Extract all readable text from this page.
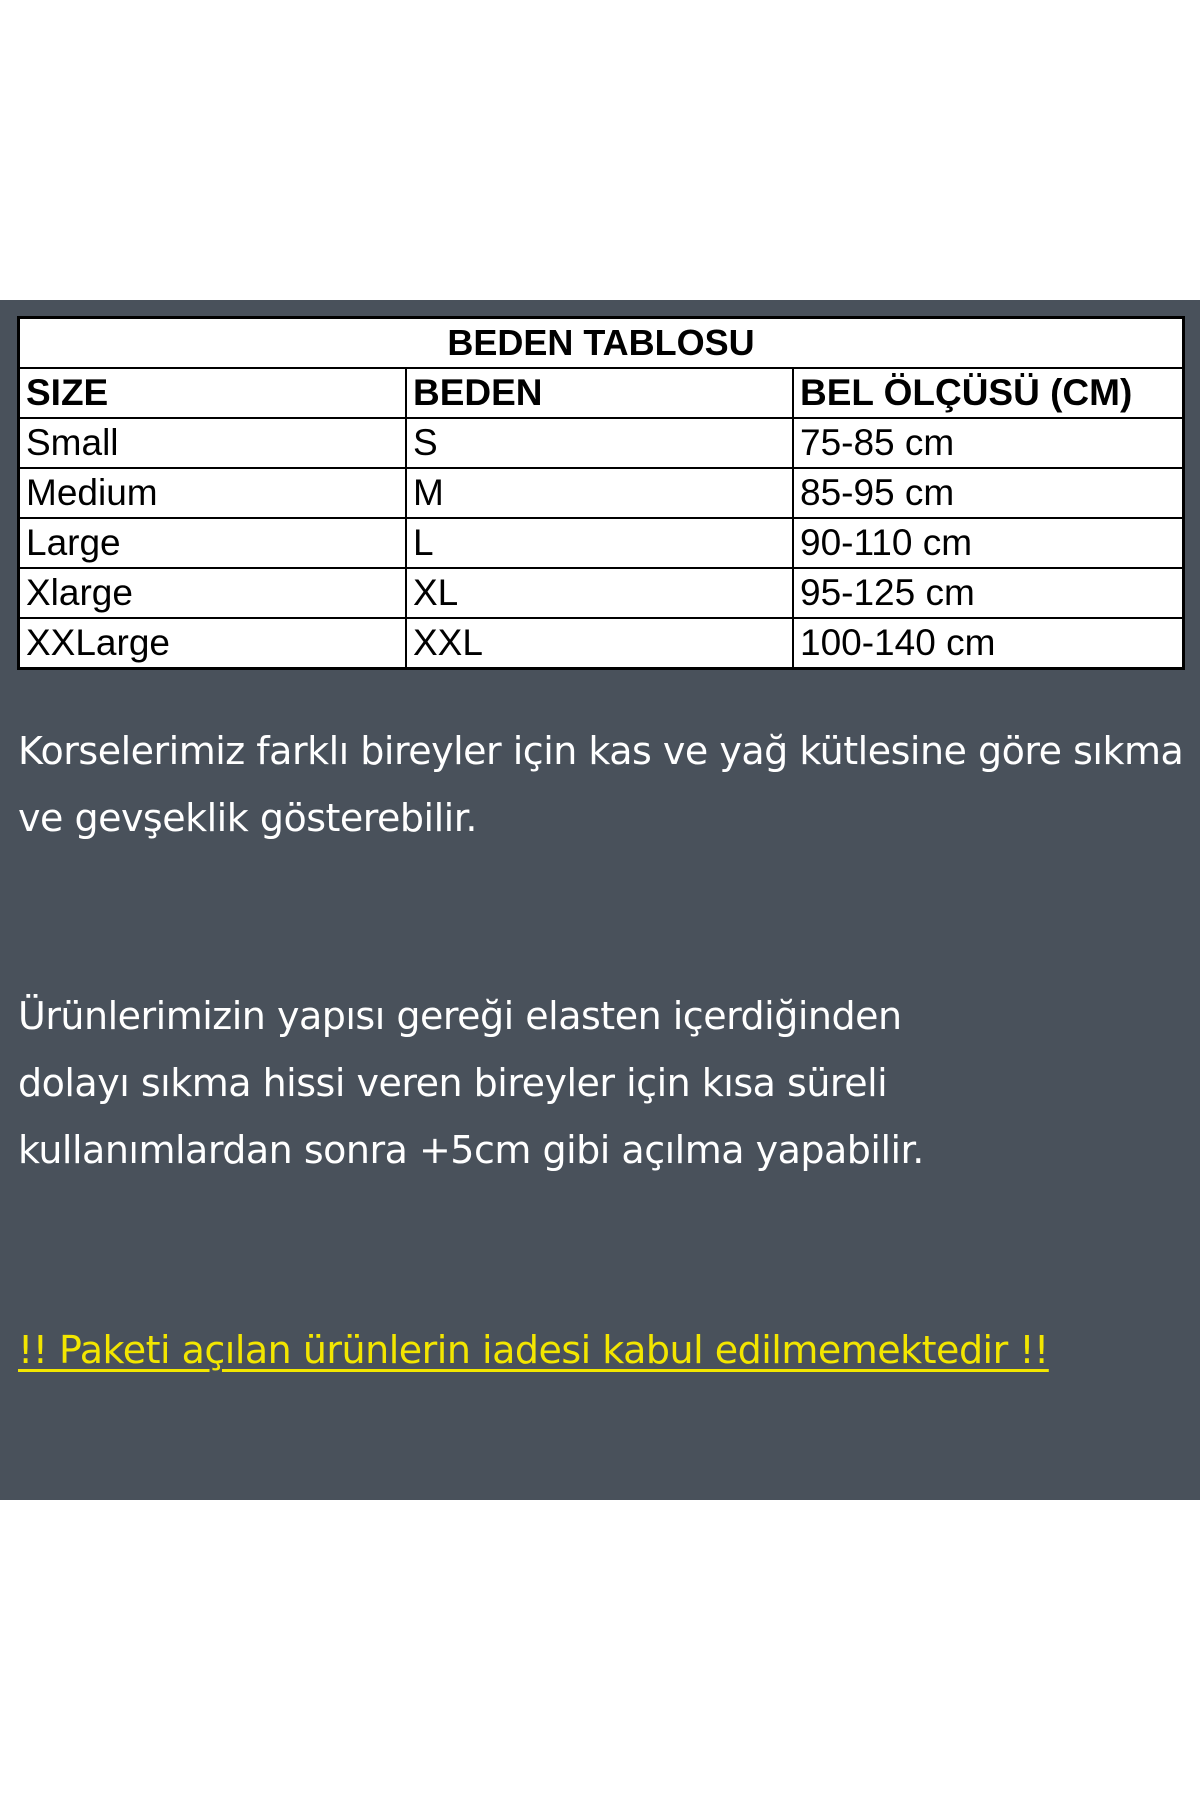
BEDEN TABLOSU		
SIZE	BEDEN	BEL ÖLÇÜSÜ (CM)
Small	S	75-85 cm
Medium	M	85-95 cm
Large	L	90-110 cm
Xlarge	XL	95-125 cm
XXLarge	XXL	100-140 cm

Korselerimiz farklı bireyler için kas ve yağ kütlesine göre sıkma ve gevşeklik gösterebilir.

Ürünlerimizin yapısı gereği elasten içerdiğinden dolayı sıkma hissi veren bireyler için kısa süreli kullanımlardan sonra +5cm gibi açılma yapabilir.

!! Paketi açılan ürünlerin iadesi kabul edilmemektedir !!
